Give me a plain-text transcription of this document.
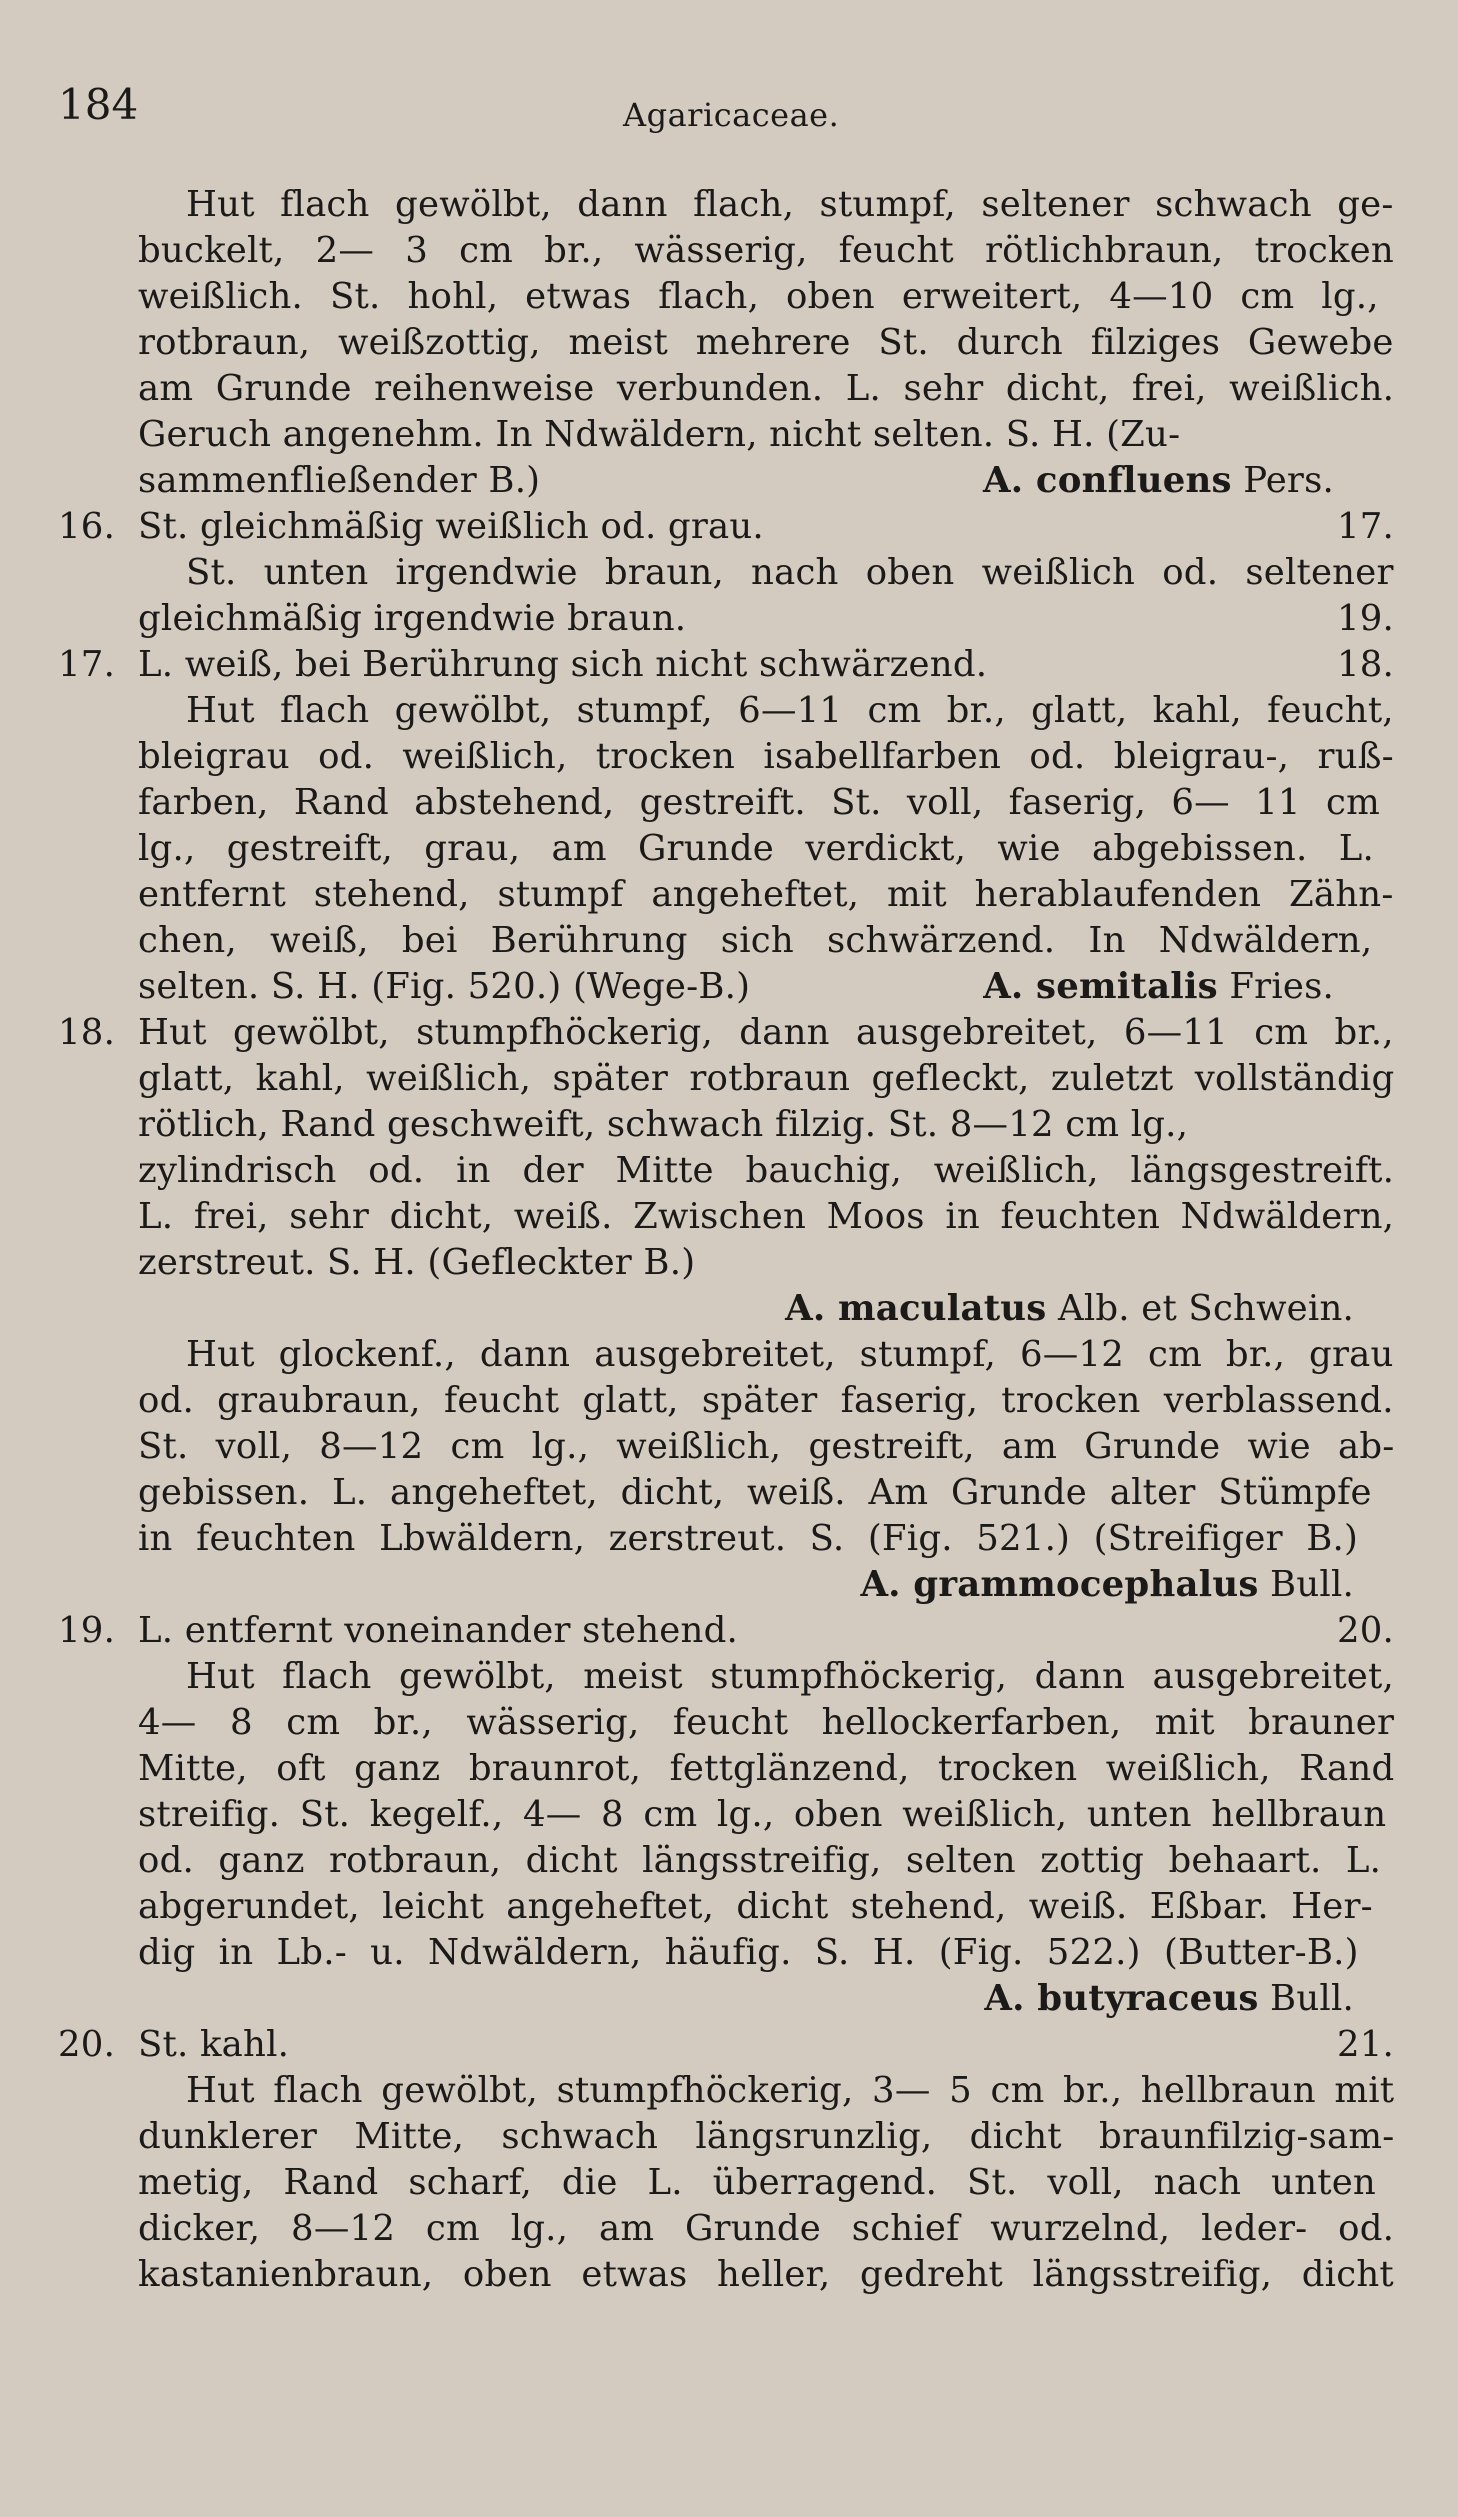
184	Agaricaceae.
Hut flach gewölbt, dann flach, stumpf, seltener schwach ge-
buckelt, 2— 3 cm br., wässerig, feucht rötlichbraun, trocken
weißlich. St. hohl, etwas flach, oben erweitert, 4—10 cm lg.,
rotbraun, weißzottig, meist mehrere St. durch filziges Gewebe
am Grunde reihenweise verbunden. L. sehr dicht, frei, weißlich.
Geruch angenehm. In Ndwäldern, nicht selten. S. H. (Zu-
sammenfließender B.)	A. confluens Pers.
16. St. gleichmäßig weißlich od. grau.	17.
St. unten irgendwie braun, nach oben weißlich od. seltener
gleichmäßig irgendwie braun.	19.
17. L. weiß, bei Berührung sich nicht schwärzend.	18.
Hut flach gewölbt, stumpf, 6—11 cm br., glatt, kahl, feucht,
bleigrau od. weißlich, trocken isabellfarben od. bleigrau-, ruß-
farben, Rand abstehend, gestreift. St. voll, faserig, 6— 11 cm
lg., gestreift, grau, am Grunde verdickt, wie abgebissen. L.
entfernt stehend, stumpf angeheftet, mit herablaufenden Zähn-
chen, weiß, bei Berührung sich schwärzend. In Ndwäldern,
selten. S. H. (Fig. 520.) (Wege-B.)	A. semitalis Fries.
18. Hut gewölbt, stumpfhöckerig, dann ausgebreitet, 6—11 cm br.,
glatt, kahl, weißlich, später rotbraun gefleckt, zuletzt vollständig
rötlich, Rand geschweift, schwach filzig. St. 8—12 cm lg.,
zylindrisch od. in der Mitte bauchig, weißlich, längsgestreift.
L. frei, sehr dicht, weiß. Zwischen Moos in feuchten Ndwäldern,
zerstreut. S. H. (Gefleckter B.)
A. maculatus Alb. et Schwein.
Hut glockenf., dann ausgebreitet, stumpf, 6—12 cm br., grau
od. graubraun, feucht glatt, später faserig, trocken verblassend.
St. voll, 8—12 cm lg., weißlich, gestreift, am Grunde wie ab-
gebissen. L. angeheftet, dicht, weiß. Am Grunde alter Stümpfe
in feuchten Lbwäldern, zerstreut. S. (Fig. 521.) (Streifiger B.)
A. grammocephalus Bull.
19. L. entfernt voneinander stehend.	20.
Hut flach gewölbt, meist stumpfhöckerig, dann ausgebreitet,
4— 8 cm br., wässerig, feucht hellockerfarben, mit brauner
Mitte, oft ganz braunrot, fettglänzend, trocken weißlich, Rand
streifig. St. kegelf., 4— 8 cm lg., oben weißlich, unten hellbraun
od. ganz rotbraun, dicht längsstreifig, selten zottig behaart. L.
abgerundet, leicht angeheftet, dicht stehend, weiß. Eßbar. Her-
dig in Lb.- u. Ndwäldern, häufig. S. H. (Fig. 522.) (Butter-B.)
A. butyraceus Bull.
20. St. kahl.	21.
Hut flach gewölbt, stumpfhöckerig, 3— 5 cm br., hellbraun mit
dunklerer Mitte, schwach längsrunzlig, dicht braunfilzig-sam-
metig, Rand scharf, die L. überragend. St. voll, nach unten
dicker, 8—12 cm lg., am Grunde schief wurzelnd, leder- od.
kastanienbraun, oben etwas heller, gedreht längsstreifig, dicht
